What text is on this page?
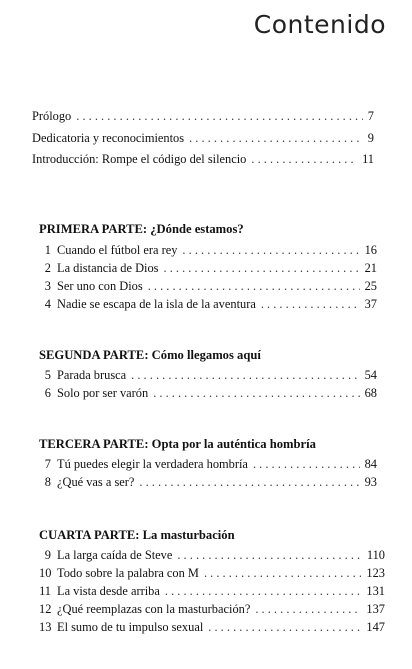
Contenido
Prólogo . . .	7
Dedicatoria y reconocimientos . . .	9
Introducción: Rompe el código del silencio . . .	11
PRIMERA PARTE: ¿Dónde estamos?
1 Cuando el fútbol era rey . . .	16
2 La distancia de Dios . . .	21
3 Ser uno con Dios . . .	25
4 Nadie se escapa de la isla de la aventura . . .	37
SEGUNDA PARTE: Cómo llegamos aquí
5 Parada brusca . . .	54
6 Solo por ser varón . . .	68
TERCERA PARTE: Opta por la auténtica hombría
7 Tú puedes elegir la verdadera hombría . . .	84
8 ¿Qué vas a ser? . . .	93
CUARTA PARTE: La masturbación
9 La larga caída de Steve . . .	110
10 Todo sobre la palabra con M . . .	123
11 La vista desde arriba . . .	131
12 ¿Qué reemplazas con la masturbación? . . .	137
13 El sumo de tu impulso sexual . . .	147
